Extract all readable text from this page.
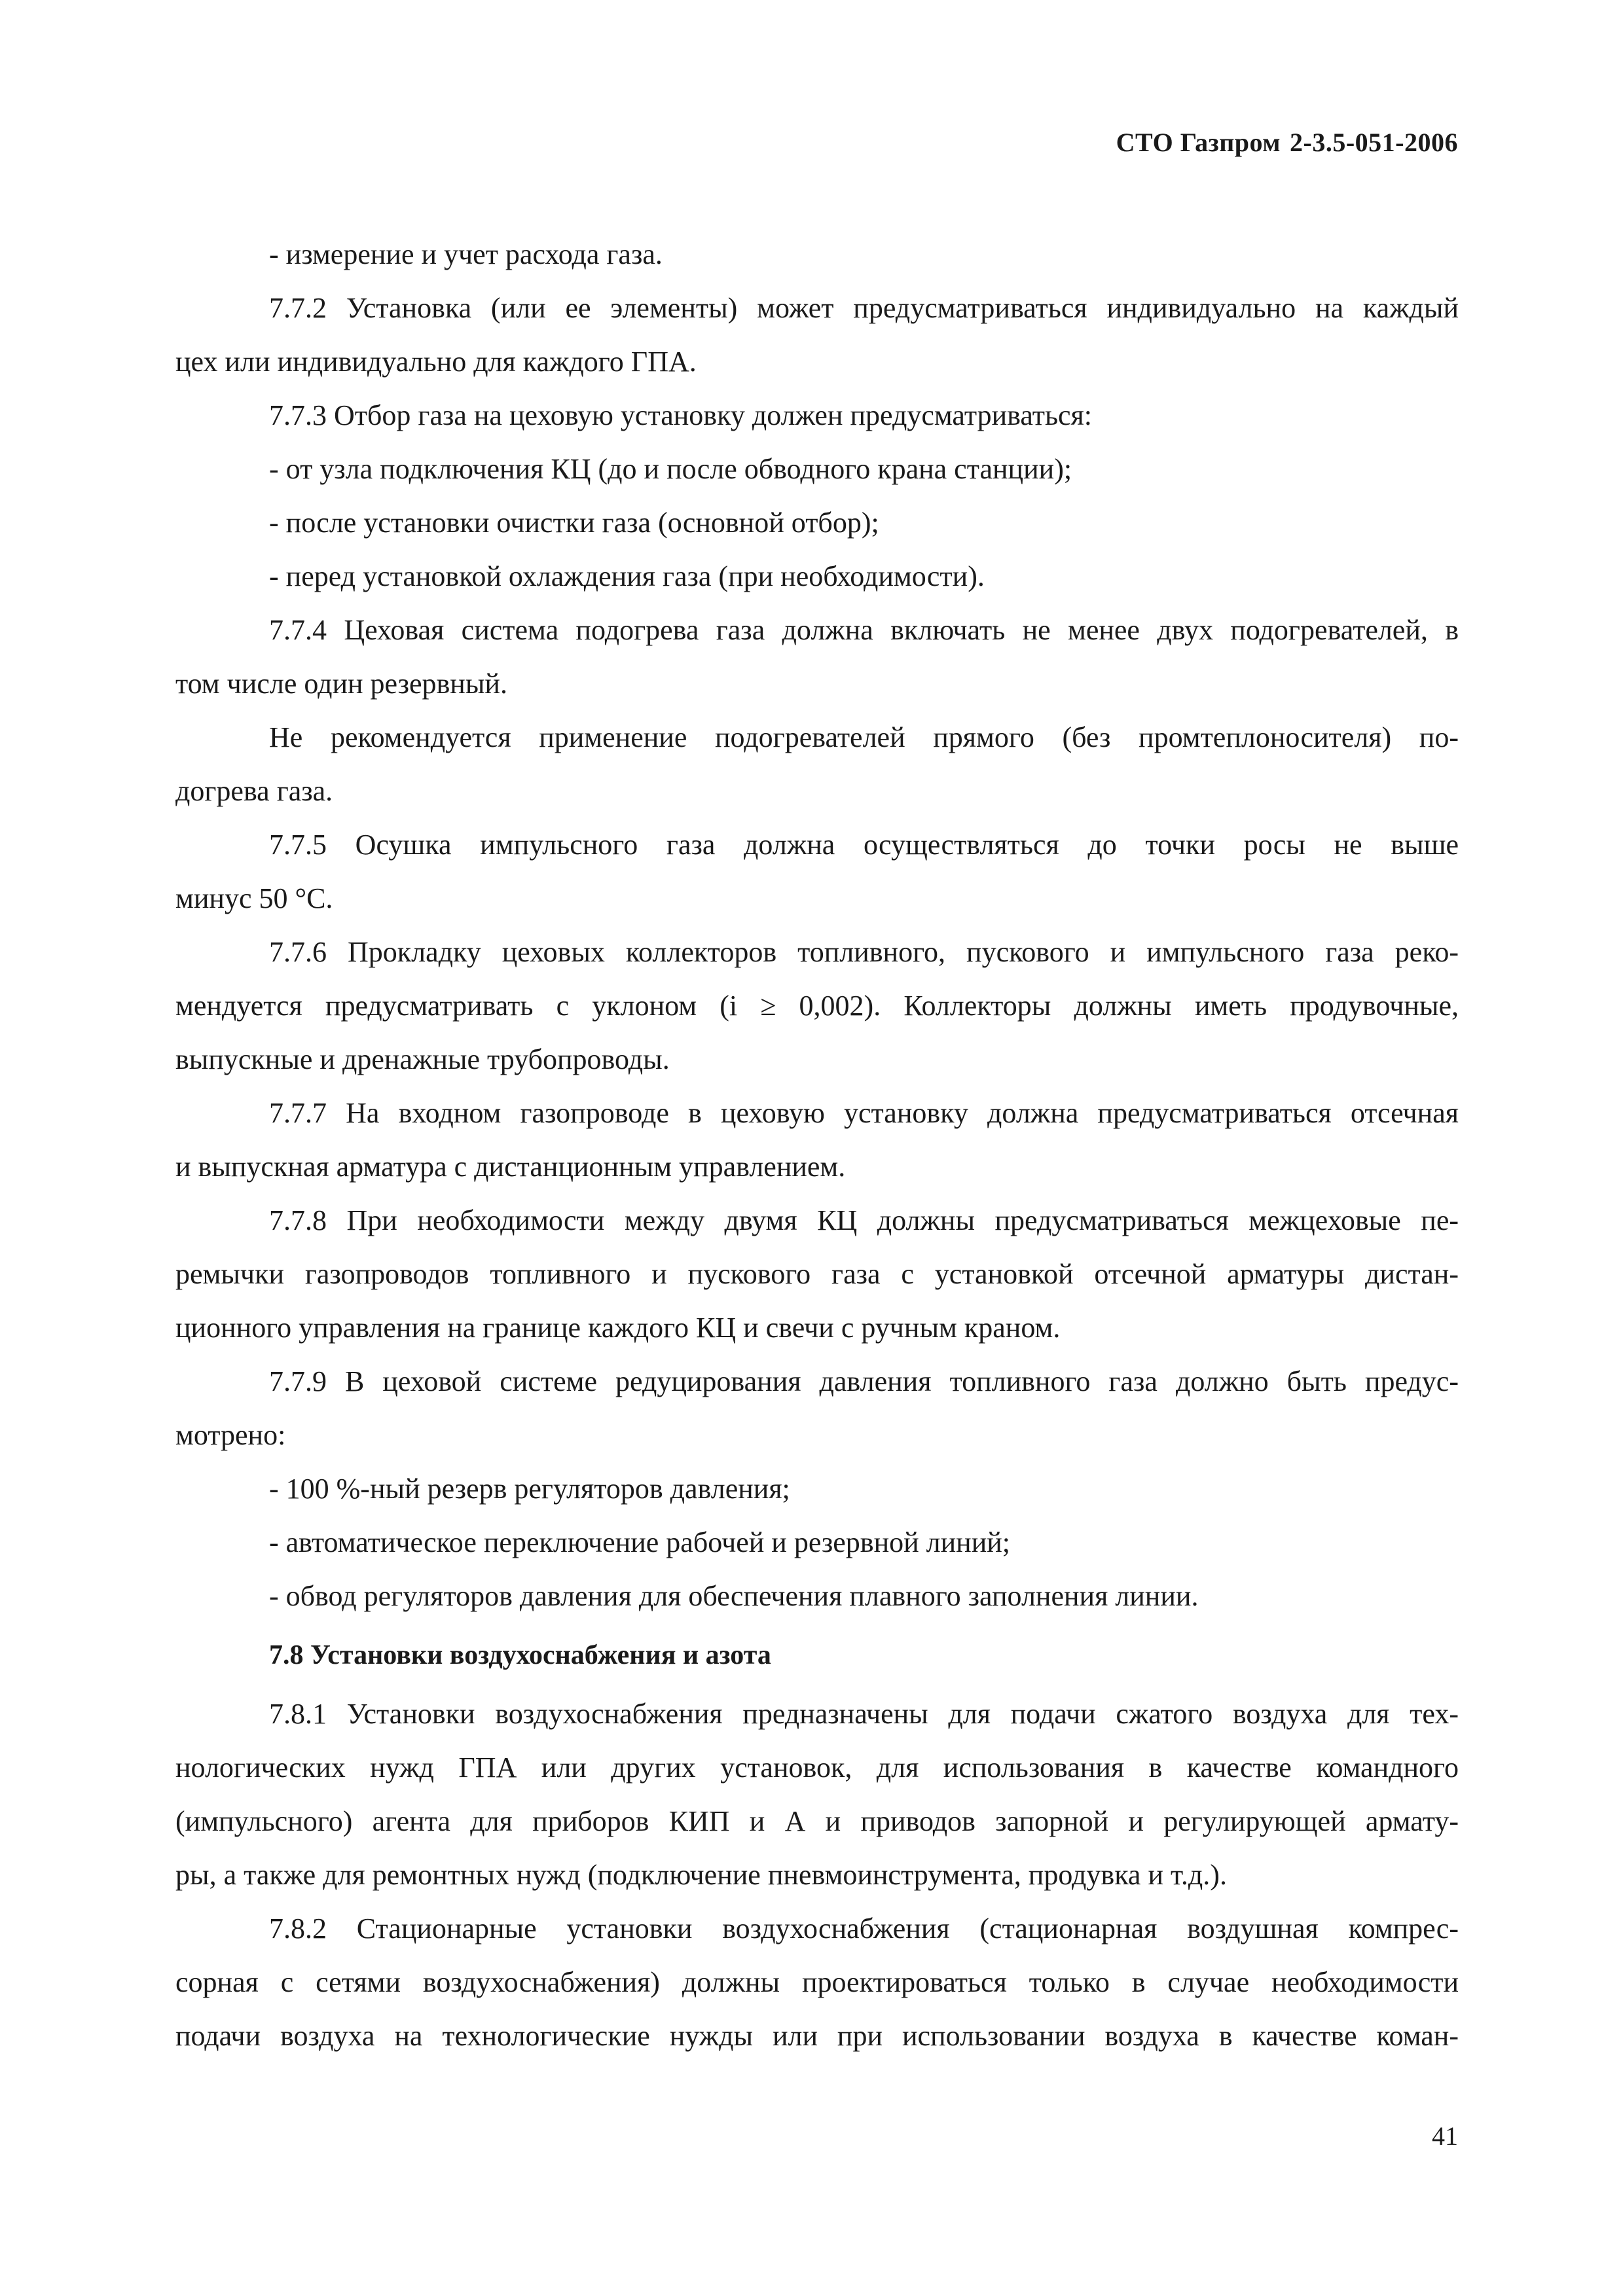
СТО Газпром 2-3.5-051-2006
- измерение и учет расхода газа.
7.7.2 Установка (или ее элементы) может предусматриваться индивидуально на каждый
цех или индивидуально для каждого ГПА.
7.7.3 Отбор газа на цеховую установку должен предусматриваться:
- от узла подключения КЦ (до и после обводного крана станции);
- после установки очистки газа (основной отбор);
- перед установкой охлаждения газа (при необходимости).
7.7.4 Цеховая система подогрева газа должна включать не менее двух подогревателей, в
том числе один резервный.
Не рекомендуется применение подогревателей прямого (без промтеплоносителя) по-
догрева газа.
7.7.5 Осушка импульсного газа должна осуществляться до точки росы не выше
минус 50 °С.
7.7.6 Прокладку цеховых коллекторов топливного, пускового и импульсного газа реко-
мендуется предусматривать с уклоном (i ≥ 0,002). Коллекторы должны иметь продувочные,
выпускные и дренажные трубопроводы.
7.7.7 На входном газопроводе в цеховую установку должна предусматриваться отсечная
и выпускная арматура с дистанционным управлением.
7.7.8 При необходимости между двумя КЦ должны предусматриваться межцеховые пе-
ремычки газопроводов топливного и пускового газа с установкой отсечной арматуры дистан-
ционного управления на границе каждого КЦ и свечи с ручным краном.
7.7.9 В цеховой системе редуцирования давления топливного газа должно быть предус-
мотрено:
- 100 %-ный резерв регуляторов давления;
- автоматическое переключение рабочей и резервной линий;
- обвод регуляторов давления для обеспечения плавного заполнения линии.
7.8 Установки воздухоснабжения и азота
7.8.1 Установки воздухоснабжения предназначены для подачи сжатого воздуха для тех-
нологических нужд ГПА или других установок, для использования в качестве командного
(импульсного) агента для приборов КИП и А и приводов запорной и регулирующей армату-
ры, а также для ремонтных нужд (подключение пневмоинструмента, продувка и т.д.).
7.8.2 Стационарные установки воздухоснабжения (стационарная воздушная компрес-
сорная с сетями воздухоснабжения) должны проектироваться только в случае необходимости
подачи воздуха на технологические нужды или при использовании воздуха в качестве коман-
41
